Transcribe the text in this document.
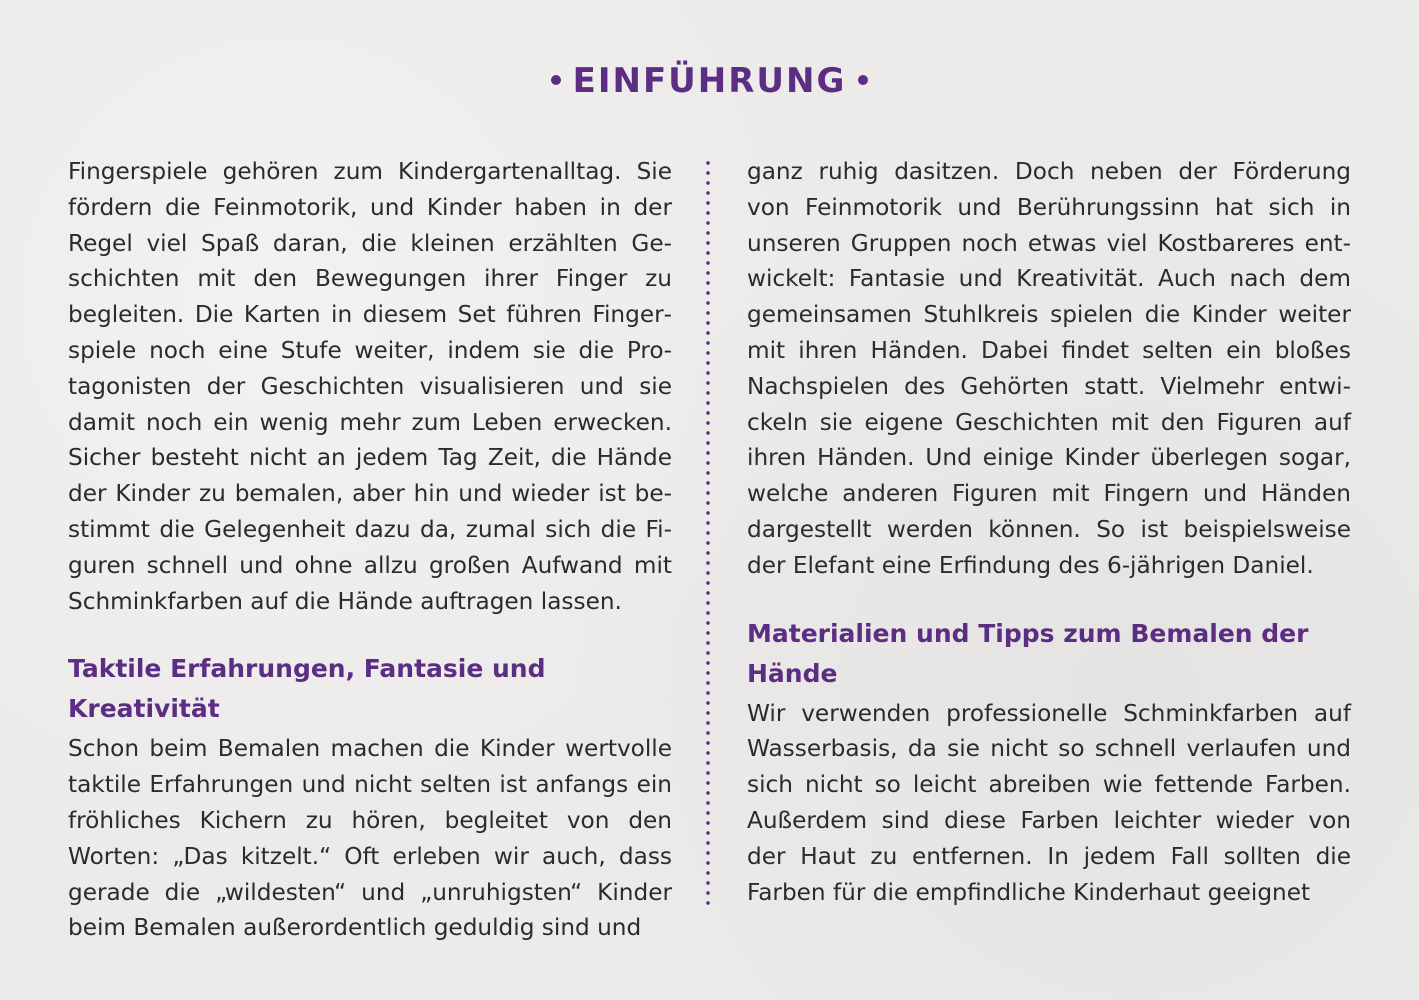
EINFÜHRUNG

Fingerspiele gehören zum Kindergartenalltag. Sie fördern die Feinmotorik, und Kinder haben in der Regel viel Spaß daran, die kleinen erzählten Geschichten mit den Bewegungen ihrer Finger zu begleiten. Die Karten in diesem Set führen Fingerspiele noch eine Stufe weiter, indem sie die Protagonisten der Geschichten visualisieren und sie damit noch ein wenig mehr zum Leben erwecken. Sicher besteht nicht an jedem Tag Zeit, die Hände der Kinder zu bemalen, aber hin und wieder ist bestimmt die Gelegenheit dazu da, zumal sich die Figuren schnell und ohne allzu großen Aufwand mit Schminkfarben auf die Hände auftragen lassen.

Taktile Erfahrungen, Fantasie und Kreativität

Schon beim Bemalen machen die Kinder wertvolle taktile Erfahrungen und nicht selten ist anfangs ein fröhliches Kichern zu hören, begleitet von den Worten: „Das kitzelt.“ Oft erleben wir auch, dass gerade die „wildesten“ und „unruhigsten“ Kinder beim Bemalen außerordentlich geduldig sind und

ganz ruhig dasitzen. Doch neben der Förderung von Feinmotorik und Berührungssinn hat sich in unseren Gruppen noch etwas viel Kostbareres entwickelt: Fantasie und Kreativität. Auch nach dem gemeinsamen Stuhlkreis spielen die Kinder weiter mit ihren Händen. Dabei findet selten ein bloßes Nachspielen des Gehörten statt. Vielmehr entwickeln sie eigene Geschichten mit den Figuren auf ihren Händen. Und einige Kinder überlegen sogar, welche anderen Figuren mit Fingern und Händen dargestellt werden können. So ist beispielsweise der Elefant eine Erfindung des 6-jährigen Daniel.

Materialien und Tipps zum Bemalen der Hände

Wir verwenden professionelle Schminkfarben auf Wasserbasis, da sie nicht so schnell verlaufen und sich nicht so leicht abreiben wie fettende Farben. Außerdem sind diese Farben leichter wieder von der Haut zu entfernen. In jedem Fall sollten die Farben für die empfindliche Kinderhaut geeignet
